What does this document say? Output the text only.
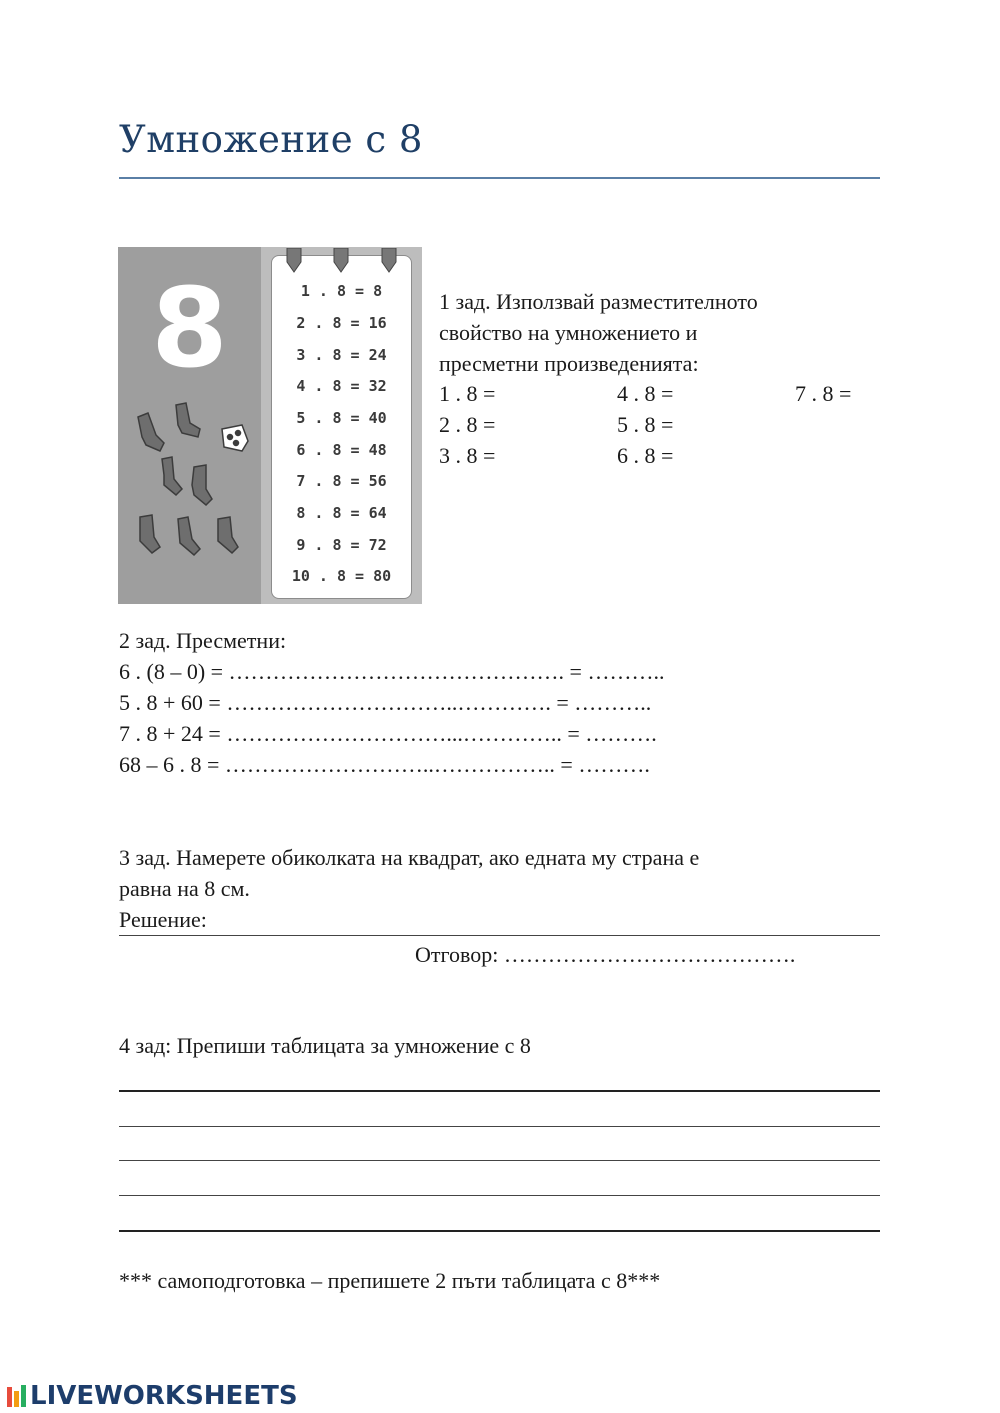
Умножение с 8
8	1 . 8 = 8
2 . 8 = 16
3 . 8 = 24
4 . 8 = 32
5 . 8 = 40
6 . 8 = 48
7 . 8 = 56
8 . 8 = 64
9 . 8 = 72
10 . 8 = 80
1 зад. Използвай разместителното
свойство на умножението и
пресметни произведенията:
1 . 8 =
2 . 8 =
3 . 8 =
4 . 8 =
5 . 8 =
6 . 8 =
7 . 8 =
2 зад. Пресметни:
6 . (8 – 0) = ………………………………………. = ………..
5 . 8 + 60 = …………………………..…………. = ………..
7 . 8 + 24 = …………………………...………….. = ……….
68 – 6 . 8 = ………………………..…………….. = ……….
3 зад. Намерете обиколката на квадрат, ако едната му страна е
равна на 8 см.
Решение:
Отговор: ………………………………….
4 зад: Препиши таблицата за умножение с 8
*** самоподготовка – препишете 2 пъти таблицата с 8***
LIVEWORKSHEETS
